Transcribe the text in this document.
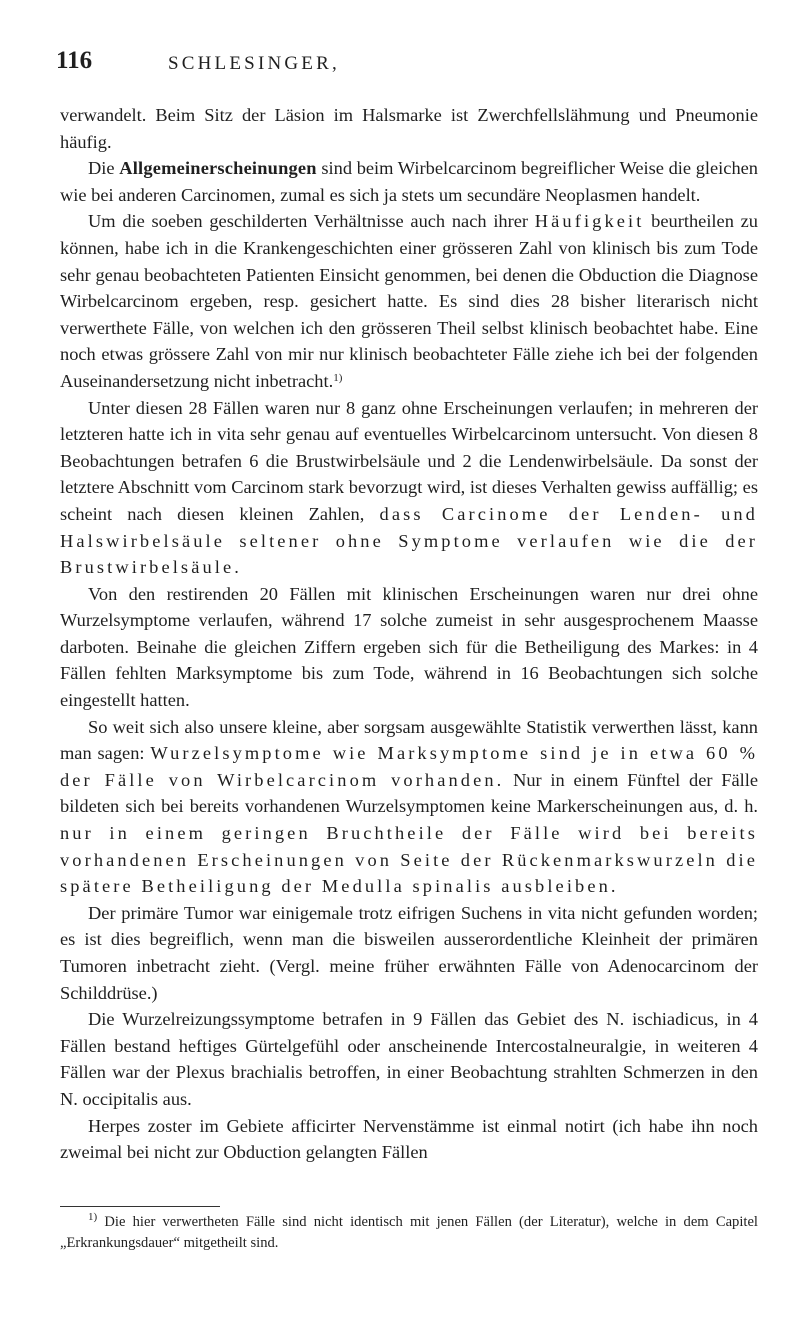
116	SCHLESINGER,

verwandelt. Beim Sitz der Läsion im Halsmarke ist Zwerchfellslähmung und Pneumonie häufig.

Die Allgemeinerscheinungen sind beim Wirbelcarcinom begreiflicher Weise die gleichen wie bei anderen Carcinomen, zumal es sich ja stets um secundäre Neoplasmen handelt.

Um die soeben geschilderten Verhältnisse auch nach ihrer Häufigkeit beurtheilen zu können, habe ich in die Krankengeschichten einer grösseren Zahl von klinisch bis zum Tode sehr genau beobachteten Patienten Einsicht genommen, bei denen die Obduction die Diagnose Wirbelcarcinom ergeben, resp. gesichert hatte. Es sind dies 28 bisher literarisch nicht verwerthete Fälle, von welchen ich den grösseren Theil selbst klinisch beobachtet habe. Eine noch etwas grössere Zahl von mir nur klinisch beobachteter Fälle ziehe ich bei der folgenden Auseinandersetzung nicht inbetracht.$^{1)}$

Unter diesen 28 Fällen waren nur 8 ganz ohne Erscheinungen verlaufen; in mehreren der letzteren hatte ich in vita sehr genau auf eventuelles Wirbelcarcinom untersucht. Von diesen 8 Beobachtungen betrafen 6 die Brustwirbelsäule und 2 die Lendenwirbelsäule. Da sonst der letztere Abschnitt vom Carcinom stark bevorzugt wird, ist dieses Verhalten gewiss auffällig; es scheint nach diesen kleinen Zahlen, dass Carcinome der Lenden- und Halswirbelsäule seltener ohne Symptome verlaufen wie die der Brustwirbelsäule.

Von den restirenden 20 Fällen mit klinischen Erscheinungen waren nur drei ohne Wurzelsymptome verlaufen, während 17 solche zumeist in sehr ausgesprochenem Maasse darboten. Beinahe die gleichen Ziffern ergeben sich für die Betheiligung des Markes: in 4 Fällen fehlten Marksymptome bis zum Tode, während in 16 Beobachtungen sich solche eingestellt hatten.

So weit sich also unsere kleine, aber sorgsam ausgewählte Statistik verwerthen lässt, kann man sagen: Wurzelsymptome wie Marksymptome sind je in etwa 60 % der Fälle von Wirbelcarcinom vorhanden. Nur in einem Fünftel der Fälle bildeten sich bei bereits vorhandenen Wurzelsymptomen keine Markerscheinungen aus, d. h. nur in einem geringen Bruchtheile der Fälle wird bei bereits vorhandenen Erscheinungen von Seite der Rückenmarkswurzeln die spätere Betheiligung der Medulla spinalis ausbleiben.

Der primäre Tumor war einigemale trotz eifrigen Suchens in vita nicht gefunden worden; es ist dies begreiflich, wenn man die bisweilen ausserordentliche Kleinheit der primären Tumoren inbetracht zieht. (Vergl. meine früher erwähnten Fälle von Adenocarcinom der Schilddrüse.)

Die Wurzelreizungssymptome betrafen in 9 Fällen das Gebiet des N. ischiadicus, in 4 Fällen bestand heftiges Gürtelgefühl oder anscheinende Intercostalneuralgie, in weiteren 4 Fällen war der Plexus brachialis betroffen, in einer Beobachtung strahlten Schmerzen in den N. occipitalis aus.

Herpes zoster im Gebiete afficirter Nervenstämme ist einmal notirt (ich habe ihn noch zweimal bei nicht zur Obduction gelangten Fällen

$^{1)}$ Die hier verwertheten Fälle sind nicht identisch mit jenen Fällen (der Literatur), welche in dem Capitel „Erkrankungsdauer“ mitgetheilt sind.
